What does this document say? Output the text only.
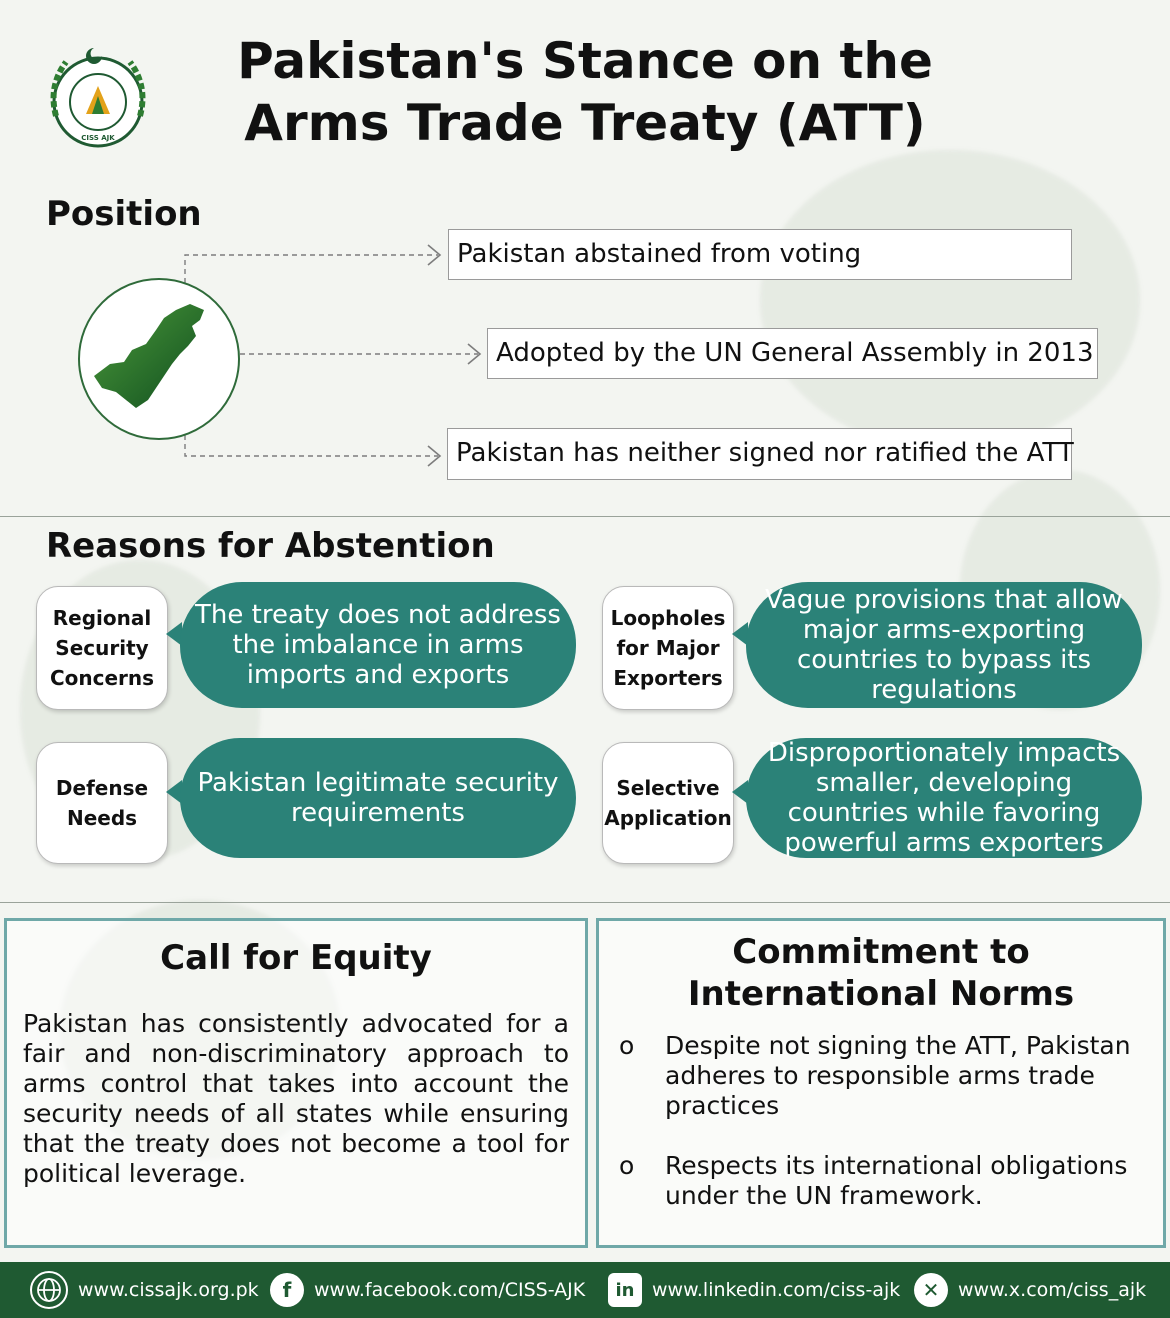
CISS AJK
Pakistan's Stance on the
Arms Trade Treaty (ATT)
Position
Pakistan abstained from voting
Adopted by the UN General Assembly in 2013
Pakistan has neither signed nor ratified the ATT
Reasons for Abstention
Regional Security Concerns
The treaty does not address the imbalance in arms imports and exports
Loopholes for Major Exporters
Vague provisions that allow major arms-exporting countries to bypass its regulations
Defense Needs
Pakistan legitimate security requirements
Selective Application
Disproportionately impacts smaller, developing countries while favoring powerful arms exporters
Call for Equity
Pakistan has consistently advocated for a fair and non-discriminatory approach to arms control that takes into account the security needs of all states while ensuring that the treaty does not become a tool for political leverage.
Commitment to
International Norms
o Despite not signing the ATT, Pakistan adheres to responsible arms trade practices
o Respects its international obligations under the UN framework.
www.cissajk.org.pk	f	www.facebook.com/CISS-AJK	in www.linkedin.com/ciss-ajk	✕ www.x.com/ciss_ajk
